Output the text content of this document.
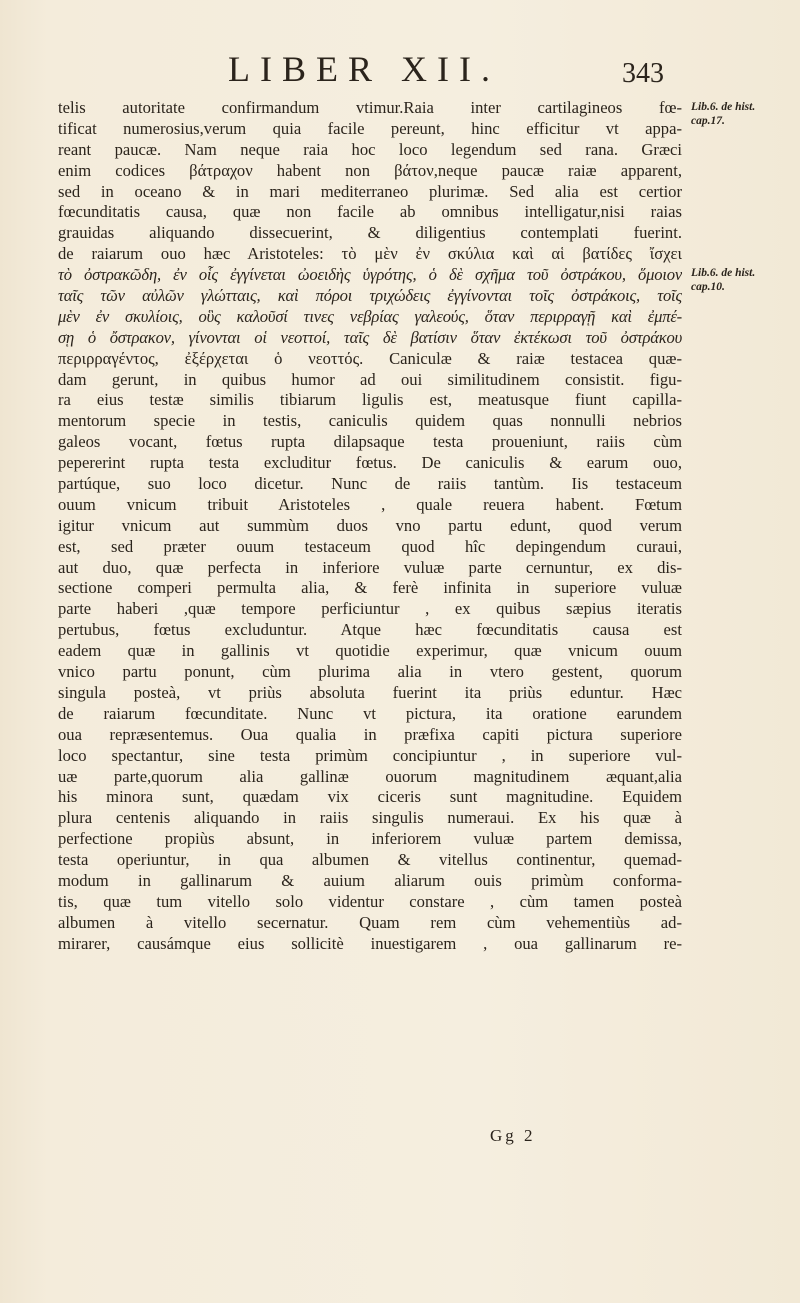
LIBER XII.	343
telis autoritate confirmandum vtimur.Raia inter cartilagineos fœ-
tificat numerosius,verum quia facile pereunt, hinc efficitur vt appa-
reant paucæ. Nam neque raia hoc loco legendum sed rana. Græci
enim codices βάτραχον habent non βάτον,neque paucæ raiæ apparent,
sed in oceano & in mari mediterraneo plurimæ. Sed alia est certior
fœcunditatis causa, quæ non facile ab omnibus intelligatur,nisi raias
grauidas aliquando dissecuerint, & diligentius contemplati fuerint.
de raiarum ouo hæc Aristoteles: τὸ μὲν ἐν σκύλια καὶ αἱ βατίδες ἴσχει
τὸ ὀστρακῶδη, ἐν οἷς ἐγγίνεται ὠοειδὴς ὑγρότης, ὁ δὲ σχῆμα τοῦ ὀστράκου, ὅμοιον
ταῖς τῶν αὐλῶν γλώτταις, καὶ πόροι τριχώδεις ἐγγίνονται τοῖς ὀστράκοις, τοῖς
μὲν ἐν σκυλίοις, οὓς καλοῦσί τινες νεβρίας γαλεούς, ὅταν περιρραγῇ καὶ ἐμπέ-
σῃ ὁ ὄστρακον, γίνονται οἱ νεοττοί, ταῖς δὲ βατίσιν ὅταν ἐκτέκωσι τοῦ ὀστράκου
περιρραγέντος, ἐξέρχεται ὁ νεοττός. Caniculæ & raiæ testacea quæ-
dam gerunt, in quibus humor ad oui similitudinem consistit. figu-
ra eius testæ similis tibiarum ligulis est, meatusque fiunt capilla-
mentorum specie in testis, caniculis quidem quas nonnulli nebrios
galeos vocant, fœtus rupta dilapsaque testa proueniunt, raiis cùm
pepererint rupta testa excluditur fœtus. De caniculis & earum ouo,
partúque, suo loco dicetur. Nunc de raiis tantùm. Iis testaceum
ouum vnicum tribuit Aristoteles , quale reuera habent. Fœtum
igitur vnicum aut summùm duos vno partu edunt, quod verum
est, sed præter ouum testaceum quod hîc depingendum curaui,
aut duo, quæ perfecta in inferiore vuluæ parte cernuntur, ex dis-
sectione comperi permulta alia, & ferè infinita in superiore vuluæ
parte haberi ,quæ tempore perficiuntur , ex quibus sæpius iteratis
pertubus, fœtus excluduntur. Atque hæc fœcunditatis causa est
eadem quæ in gallinis vt quotidie experimur, quæ vnicum ouum
vnico partu ponunt, cùm plurima alia in vtero gestent, quorum
singula posteà, vt priùs absoluta fuerint ita priùs eduntur. Hæc
de raiarum fœcunditate. Nunc vt pictura, ita oratione earundem
oua repræsentemus. Oua qualia in præfixa capiti pictura superiore
loco spectantur, sine testa primùm concipiuntur , in superiore vul-
uæ parte,quorum alia gallinæ ouorum magnitudinem æquant,alia
his minora sunt, quædam vix ciceris sunt magnitudine. Equidem
plura centenis aliquando in raiis singulis numeraui. Ex his quæ à
perfectione propiùs absunt, in inferiorem vuluæ partem demissa,
testa operiuntur, in qua albumen & vitellus continentur, quemad-
modum in gallinarum & auium aliarum ouis primùm conforma-
tis, quæ tum vitello solo videntur constare , cùm tamen posteà
albumen à vitello secernatur. Quam rem cùm vehementiùs ad-
mirarer, causámque eius sollicitè inuestigarem , oua gallinarum re-
Lib.6. de hist.
cap.17.
Lib.6. de hist.
cap.10.
Gg 2
